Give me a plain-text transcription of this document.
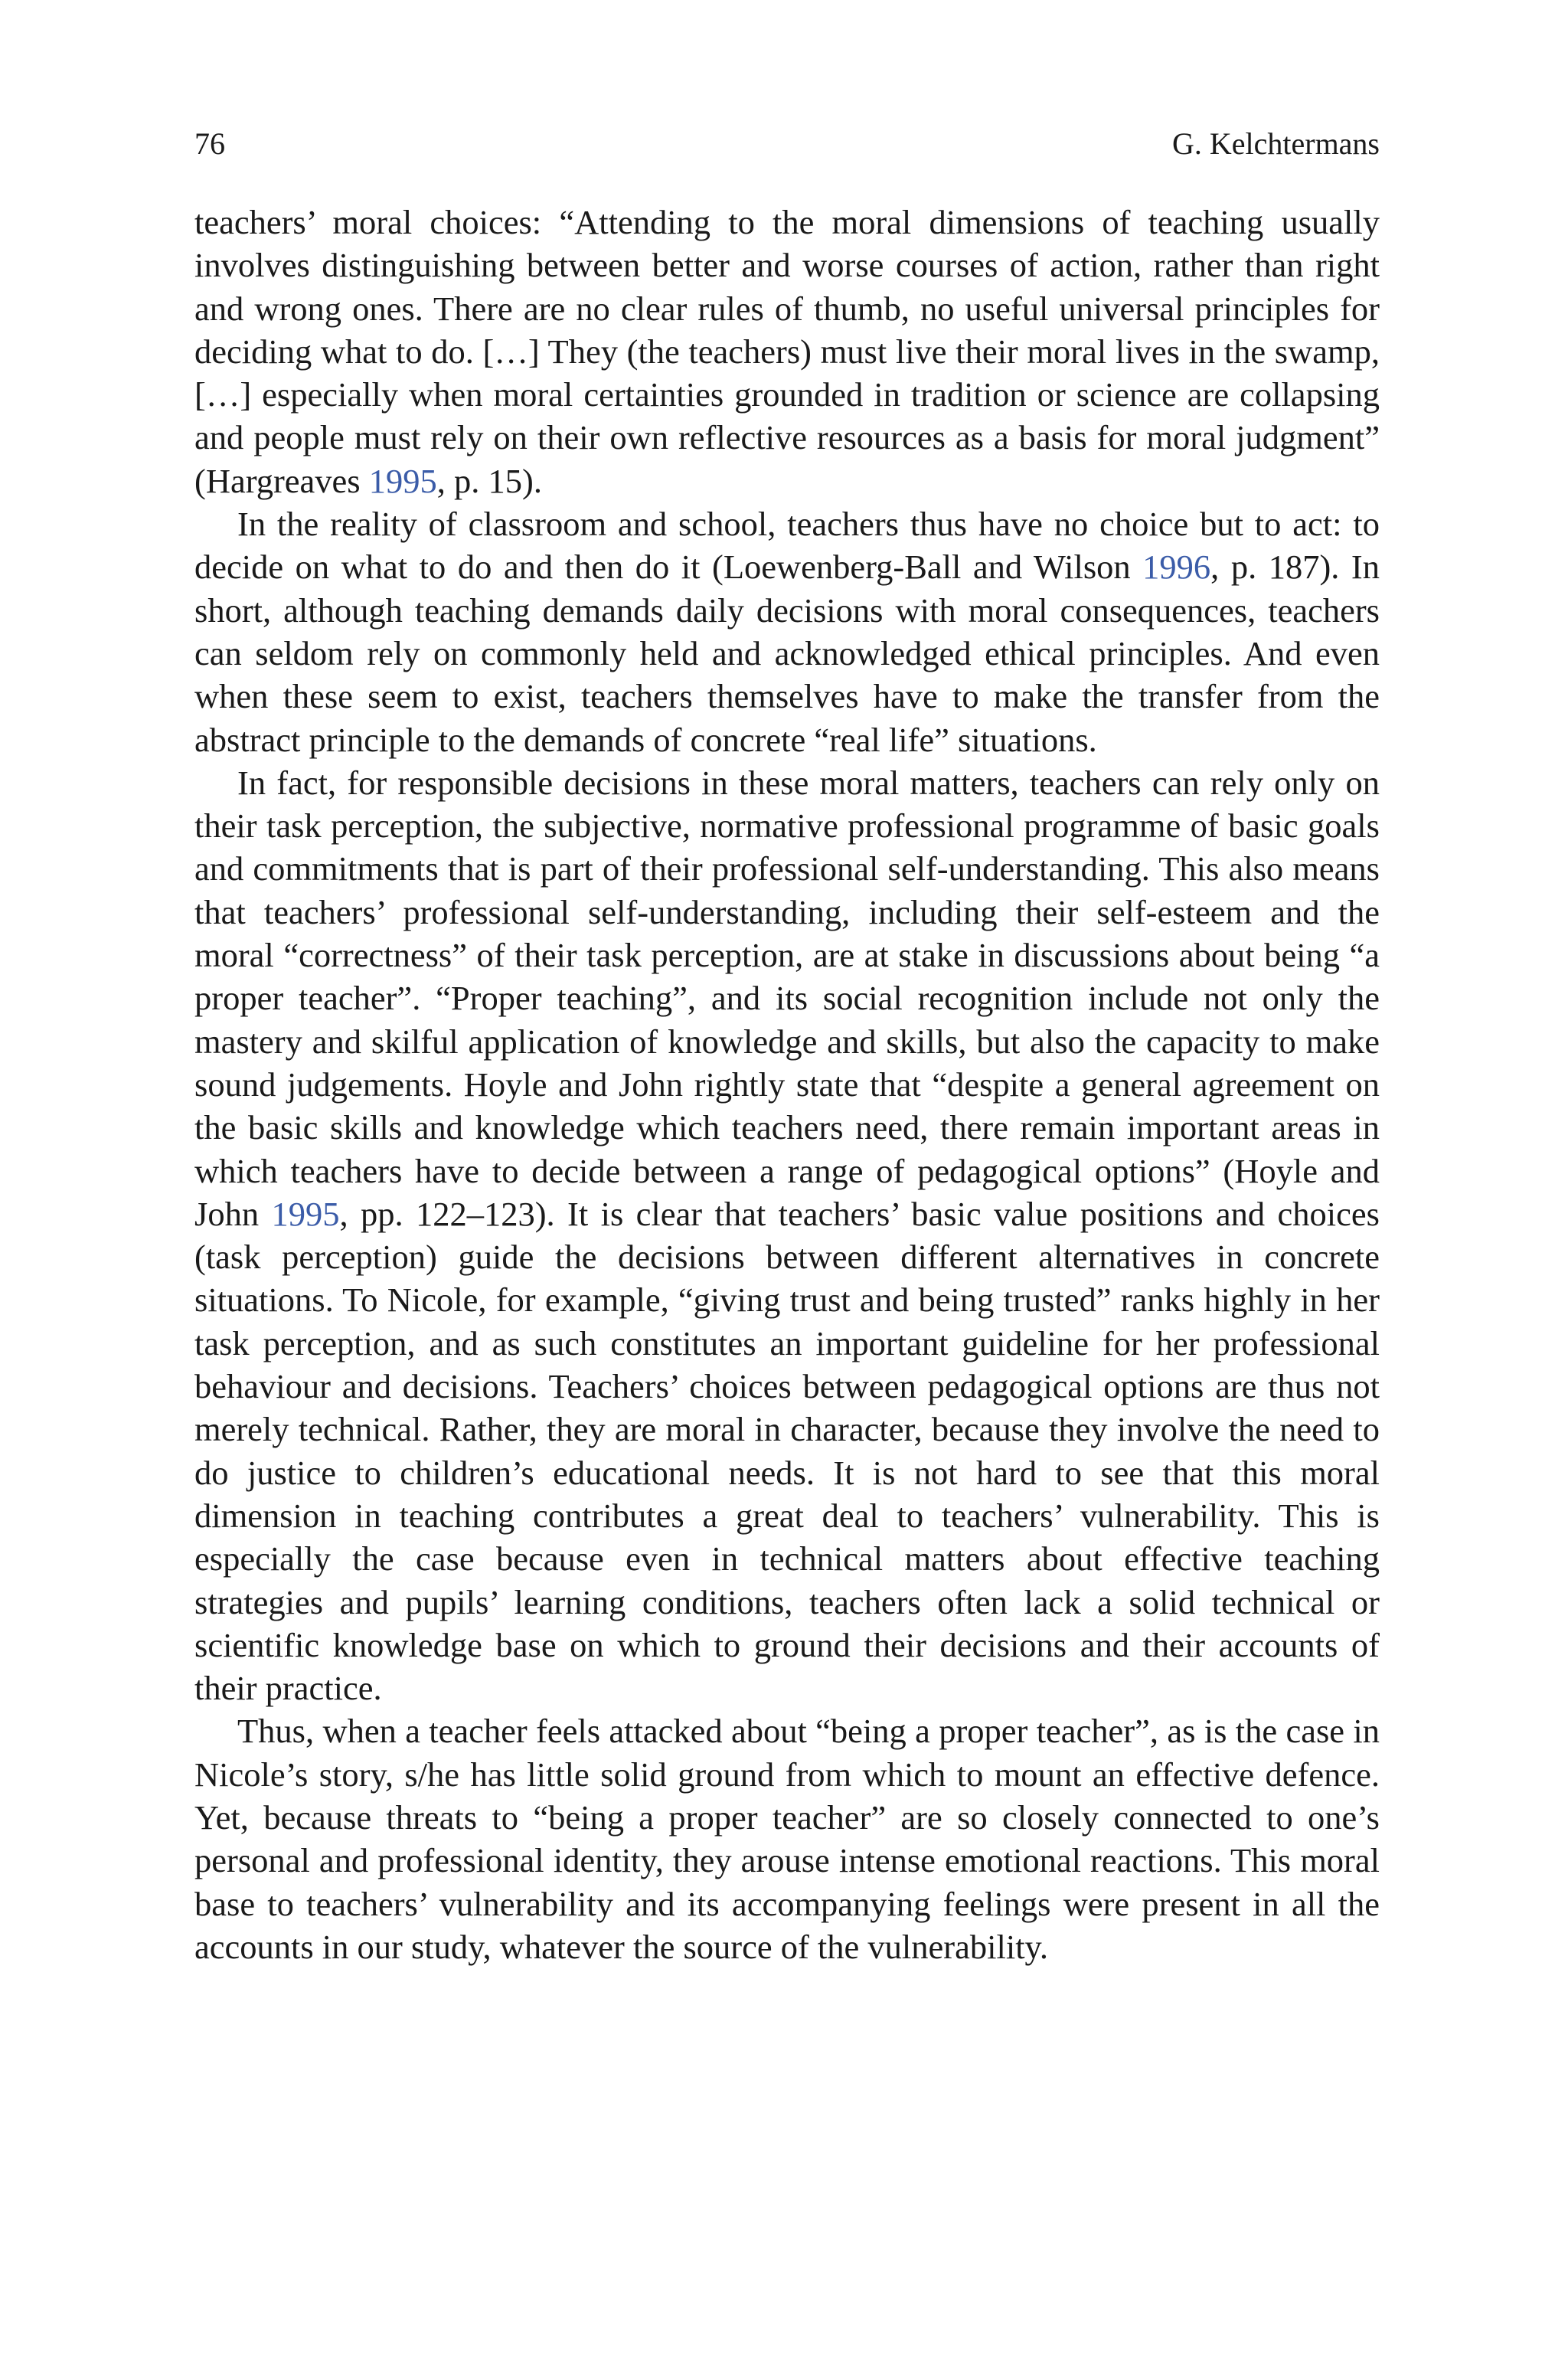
76	G. Kelchtermans

teachers’ moral choices: “Attending to the moral dimensions of teaching usually involves distinguishing between better and worse courses of action, rather than right and wrong ones. There are no clear rules of thumb, no useful universal principles for deciding what to do. […] They (the teachers) must live their moral lives in the swamp, […] especially when moral certainties grounded in tradition or science are collapsing and people must rely on their own reflective resources as a basis for moral judgment” (Hargreaves 1995, p. 15).

In the reality of classroom and school, teachers thus have no choice but to act: to decide on what to do and then do it (Loewenberg-Ball and Wilson 1996, p. 187). In short, although teaching demands daily decisions with moral consequences, teachers can seldom rely on commonly held and acknowledged ethical principles. And even when these seem to exist, teachers themselves have to make the transfer from the abstract principle to the demands of concrete “real life” situations.

In fact, for responsible decisions in these moral matters, teachers can rely only on their task perception, the subjective, normative professional programme of basic goals and commitments that is part of their professional self-understanding. This also means that teachers’ professional self-understanding, including their self-esteem and the moral “correctness” of their task perception, are at stake in discussions about being “a proper teacher”. “Proper teaching”, and its social recognition include not only the mastery and skilful application of knowledge and skills, but also the capacity to make sound judgements. Hoyle and John rightly state that “despite a general agreement on the basic skills and knowledge which teachers need, there remain important areas in which teachers have to decide between a range of pedagogical options” (Hoyle and John 1995, pp. 122–123). It is clear that teachers’ basic value positions and choices (task perception) guide the decisions between different alternatives in concrete situations. To Nicole, for example, “giving trust and being trusted” ranks highly in her task perception, and as such constitutes an important guideline for her professional behaviour and decisions. Teachers’ choices between pedagogical options are thus not merely technical. Rather, they are moral in character, because they involve the need to do justice to children’s educational needs. It is not hard to see that this moral dimension in teaching contributes a great deal to teachers’ vulnerability. This is especially the case because even in technical matters about effective teaching strategies and pupils’ learning conditions, teachers often lack a solid technical or scientific knowledge base on which to ground their decisions and their accounts of their practice.

Thus, when a teacher feels attacked about “being a proper teacher”, as is the case in Nicole’s story, s/he has little solid ground from which to mount an effective defence. Yet, because threats to “being a proper teacher” are so closely connected to one’s personal and professional identity, they arouse intense emotional reactions. This moral base to teachers’ vulnerability and its accompanying feelings were present in all the accounts in our study, whatever the source of the vulnerability.
